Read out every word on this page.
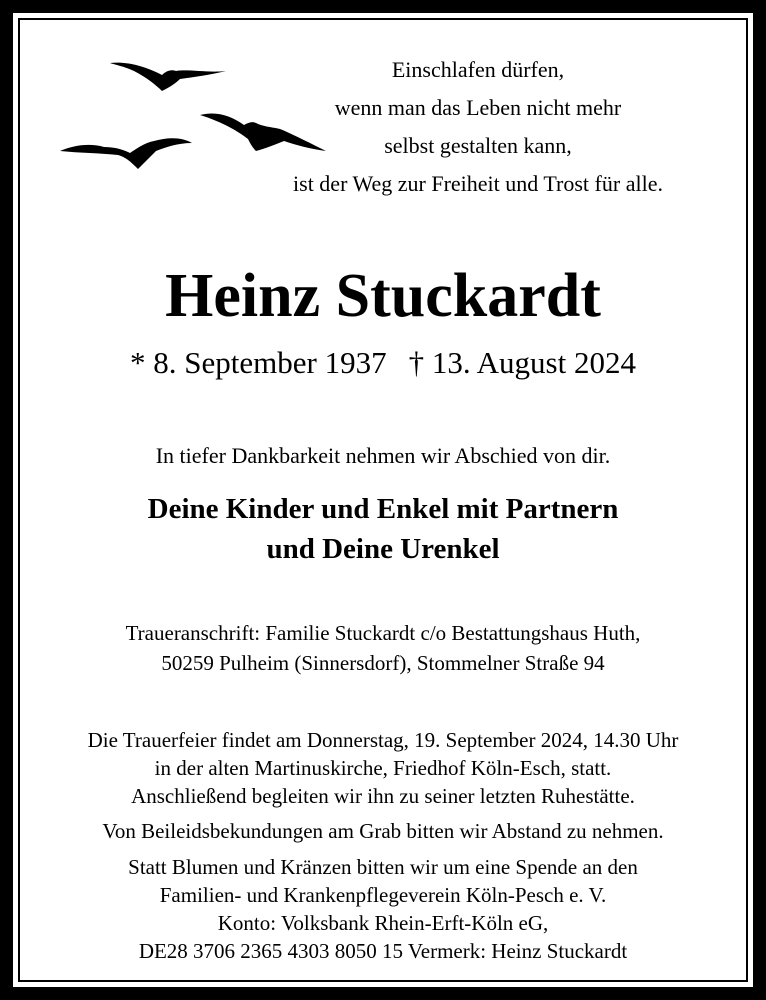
Einschlafen dürfen,
wenn man das Leben nicht mehr
selbst gestalten kann,
ist der Weg zur Freiheit und Trost für alle.
Heinz Stuckardt
* 8. September 1937 † 13. August 2024
In tiefer Dankbarkeit nehmen wir Abschied von dir.
Deine Kinder und Enkel mit Partnern
und Deine Urenkel
Traueranschrift: Familie Stuckardt c/o Bestattungshaus Huth,
50259 Pulheim (Sinnersdorf), Stommelner Straße 94
Die Trauerfeier findet am Donnerstag, 19. September 2024, 14.30 Uhr
in der alten Martinuskirche, Friedhof Köln-Esch, statt.
Anschließend begleiten wir ihn zu seiner letzten Ruhestätte.
Von Beileidsbekundungen am Grab bitten wir Abstand zu nehmen.
Statt Blumen und Kränzen bitten wir um eine Spende an den
Familien- und Krankenpflegeverein Köln-Pesch e. V.
Konto: Volksbank Rhein-Erft-Köln eG,
DE28 3706 2365 4303 8050 15 Vermerk: Heinz Stuckardt
